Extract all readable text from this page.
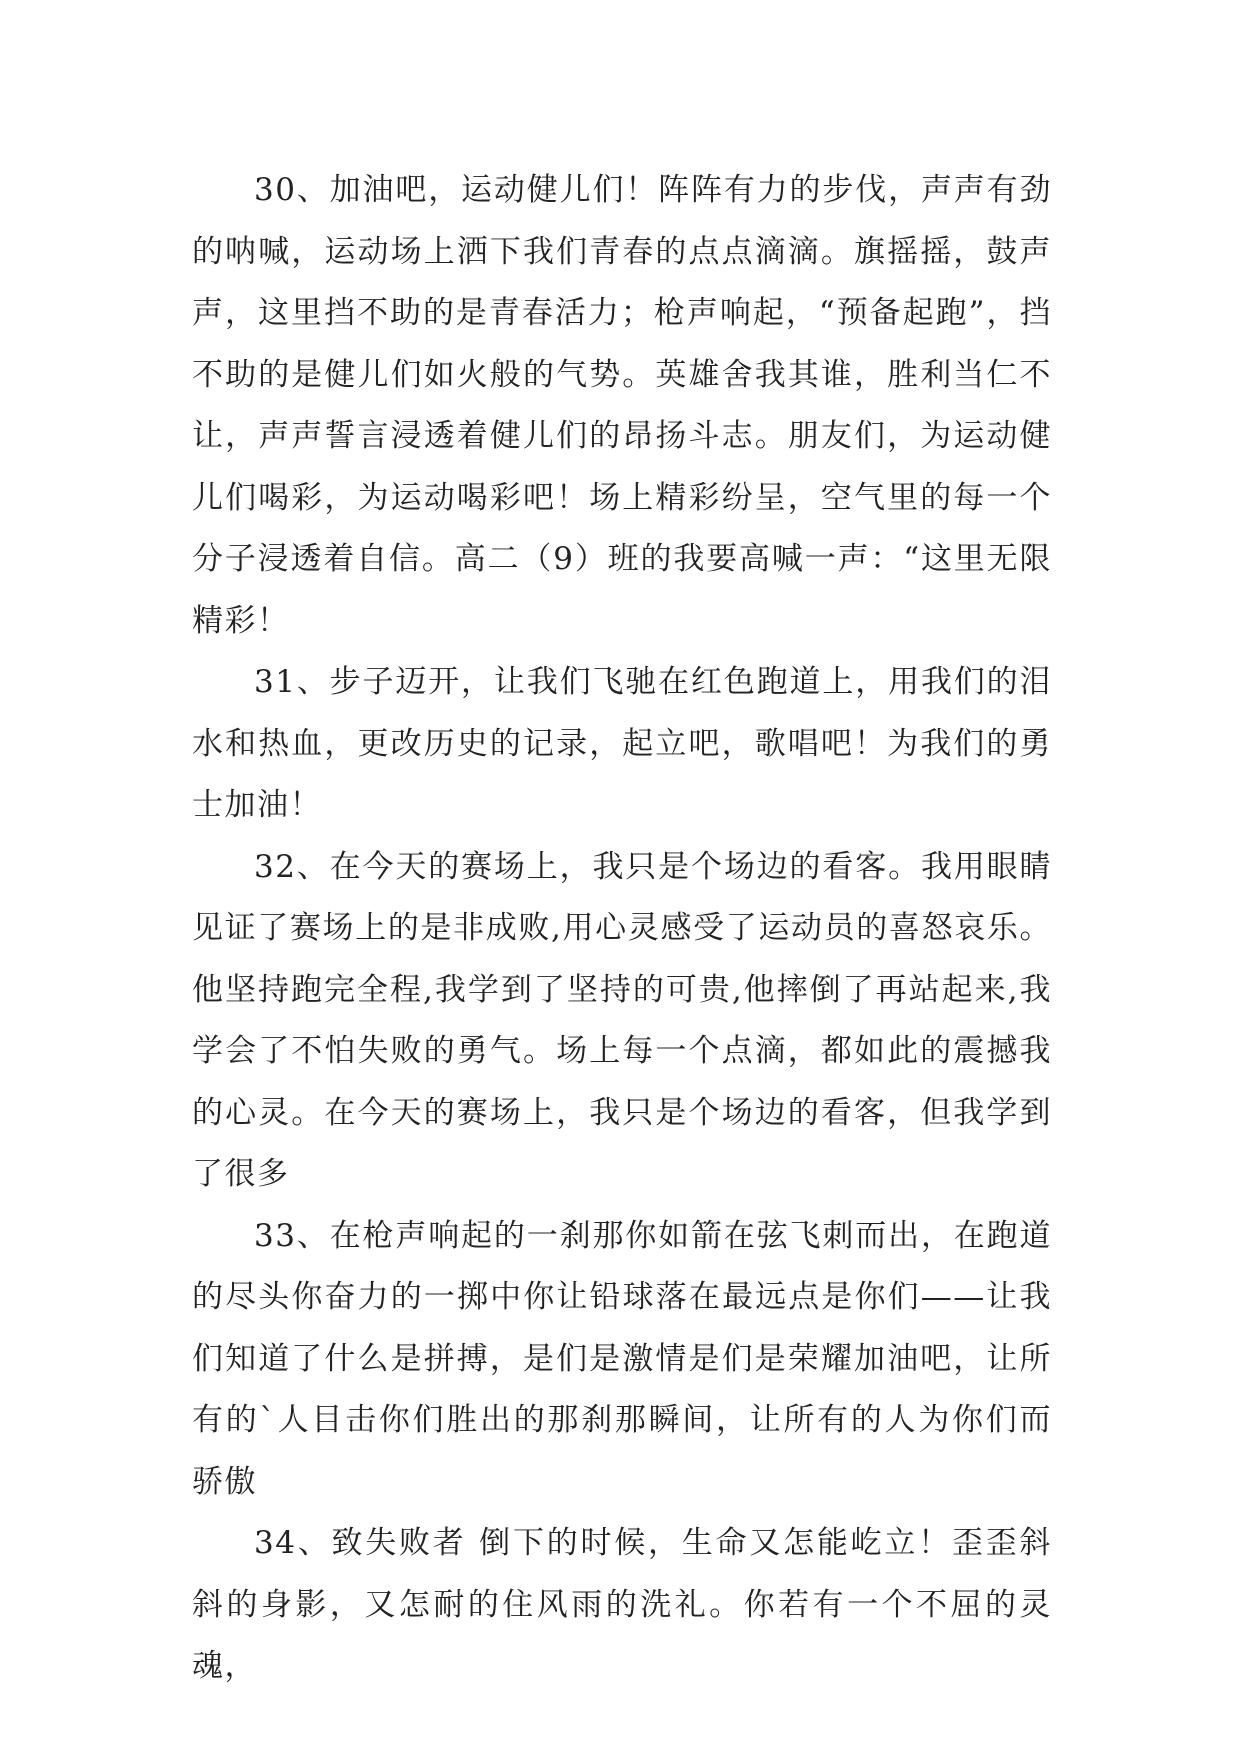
30、加油吧，运动健儿们！阵阵有力的步伐，声声有劲的呐喊，运动场上洒下我们青春的点点滴滴。旗摇摇，鼓声声，这里挡不助的是青春活力；枪声响起，“预备起跑”，挡不助的是健儿们如火般的气势。英雄舍我其谁，胜利当仁不让，声声誓言浸透着健儿们的昂扬斗志。朋友们，为运动健儿们喝彩，为运动喝彩吧！场上精彩纷呈，空气里的每一个分子浸透着自信。高二（9）班的我要高喊一声：“这里无限精彩！

31、步子迈开，让我们飞驰在红色跑道上，用我们的泪水和热血，更改历史的记录，起立吧，歌唱吧！为我们的勇士加油！

32、在今天的赛场上，我只是个场边的看客。我用眼睛见证了赛场上的是非成败,用心灵感受了运动员的喜怒哀乐。他坚持跑完全程,我学到了坚持的可贵,他摔倒了再站起来,我学会了不怕失败的勇气。场上每一个点滴，都如此的震撼我的心灵。在今天的赛场上，我只是个场边的看客，但我学到了很多

33、在枪声响起的一刹那你如箭在弦飞刺而出，在跑道的尽头你奋力的一掷中你让铅球落在最远点是你们——让我们知道了什么是拼搏，是们是激情是们是荣耀加油吧，让所有的`人目击你们胜出的那刹那瞬间，让所有的人为你们而骄傲

34、致失败者 倒下的时候，生命又怎能屹立！歪歪斜斜的身影，又怎耐的住风雨的洗礼。你若有一个不屈的灵魂，
